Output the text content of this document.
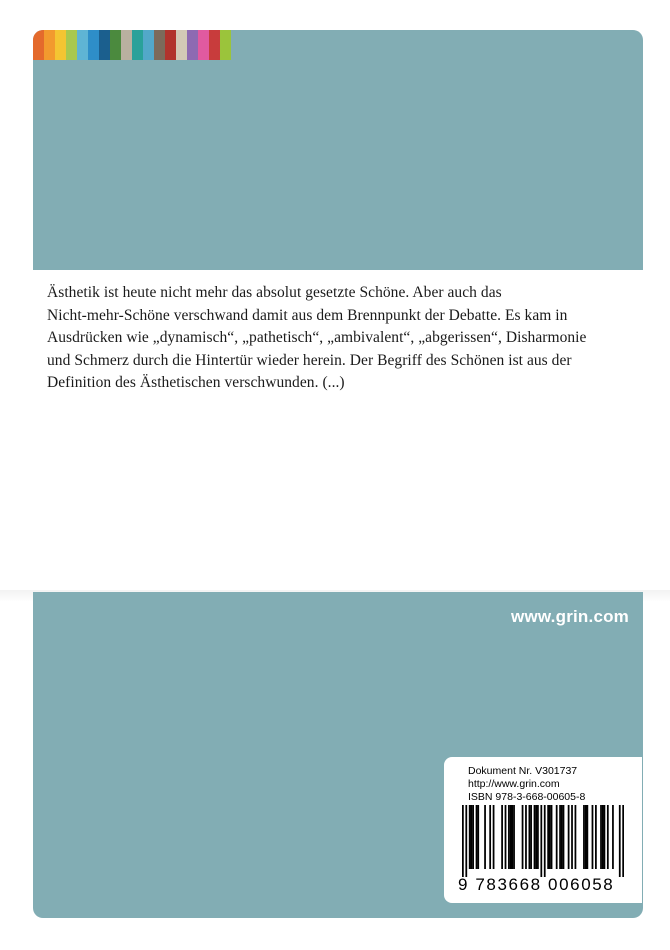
Ästhetik ist heute nicht mehr das absolut gesetzte Schöne. Aber auch das
Nicht-mehr-Schöne verschwand damit aus dem Brennpunkt der Debatte. Es kam in
Ausdrücken wie „dynamisch“, „pathetisch“, „ambivalent“, „abgerissen“, Disharmonie
und Schmerz durch die Hintertür wieder herein. Der Begriff des Schönen ist aus der
Definition des Ästhetischen verschwunden. (...)

www.grin.com
Dokument Nr. V301737
http://www.grin.com
ISBN 978-3-668-00605-8
9 783668 006058
